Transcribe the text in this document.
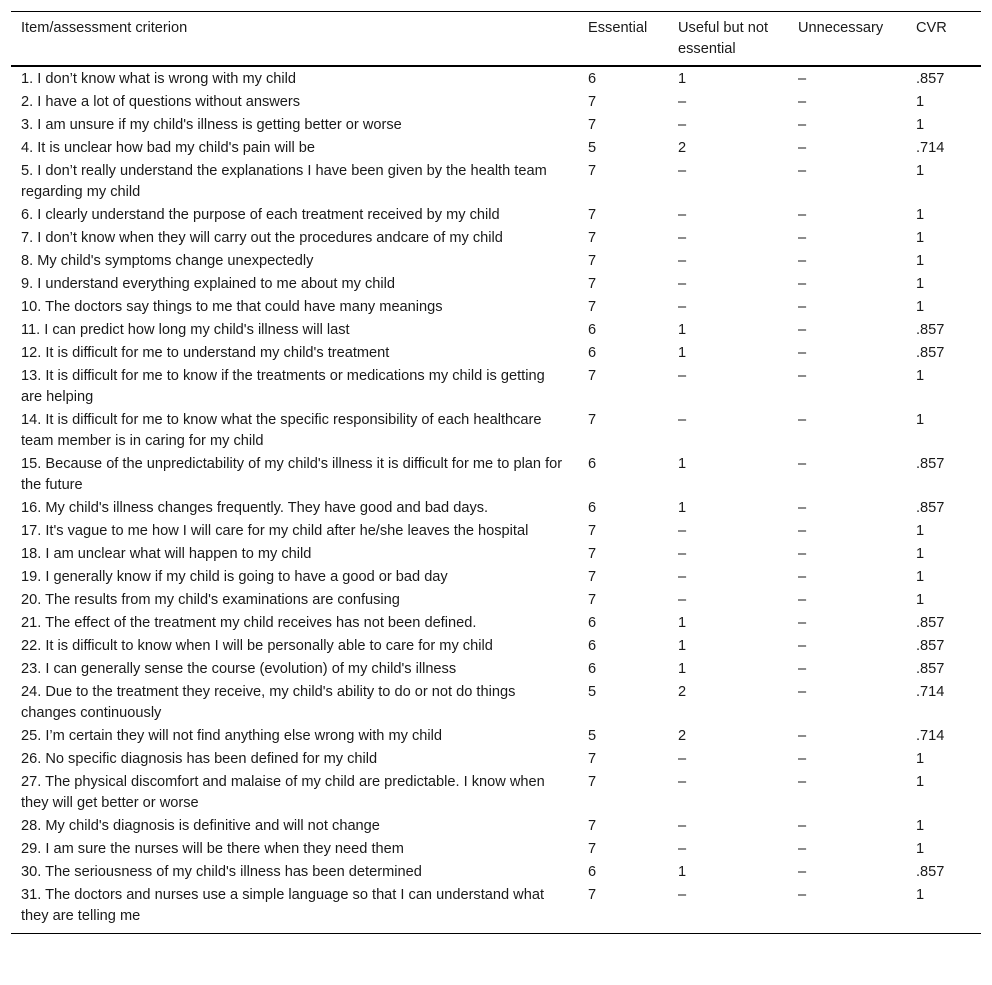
Item/assessment criterion	Essential	Useful but not essential	Unnecessary	CVR
1. I don’t know what is wrong with my child	6	1	–	.857
2. I have a lot of questions without answers	7	–	–	1
3. I am unsure if my child's illness is getting better or worse	7	–	–	1
4. It is unclear how bad my child's pain will be	5	2	–	.714
5. I don’t really understand the explanations I have been given by the health team regarding my child	7	–	–	1
6. I clearly understand the purpose of each treatment received by my child	7	–	–	1
7. I don’t know when they will carry out the procedures andcare of my child	7	–	–	1
8. My child's symptoms change unexpectedly	7	–	–	1
9. I understand everything explained to me about my child	7	–	–	1
10. The doctors say things to me that could have many meanings	7	–	–	1
11. I can predict how long my child's illness will last	6	1	–	.857
12. It is difficult for me to understand my child's treatment	6	1	–	.857
13. It is difficult for me to know if the treatments or medications my child is getting are helping	7	–	–	1
14. It is difficult for me to know what the specific responsibility of each healthcare team member is in caring for my child	7	–	–	1
15. Because of the unpredictability of my child's illness it is difficult for me to plan for the future	6	1	–	.857
16. My child's illness changes frequently. They have good and bad days.	6	1	–	.857
17. It's vague to me how I will care for my child after he/she leaves the hospital	7	–	–	1
18. I am unclear what will happen to my child	7	–	–	1
19. I generally know if my child is going to have a good or bad day	7	–	–	1
20. The results from my child's examinations are confusing	7	–	–	1
21. The effect of the treatment my child receives has not been defined.	6	1	–	.857
22. It is difficult to know when I will be personally able to care for my child	6	1	–	.857
23. I can generally sense the course (evolution) of my child's illness	6	1	–	.857
24. Due to the treatment they receive, my child's ability to do or not do things changes continuously	5	2	–	.714
25. I’m certain they will not find anything else wrong with my child	5	2	–	.714
26. No specific diagnosis has been defined for my child	7	–	–	1
27. The physical discomfort and malaise of my child are predictable. I know when they will get better or worse	7	–	–	1
28. My child's diagnosis is definitive and will not change	7	–	–	1
29. I am sure the nurses will be there when they need them	7	–	–	1
30. The seriousness of my child's illness has been determined	6	1	–	.857
31. The doctors and nurses use a simple language so that I can understand what they are telling me	7	–	–	1
